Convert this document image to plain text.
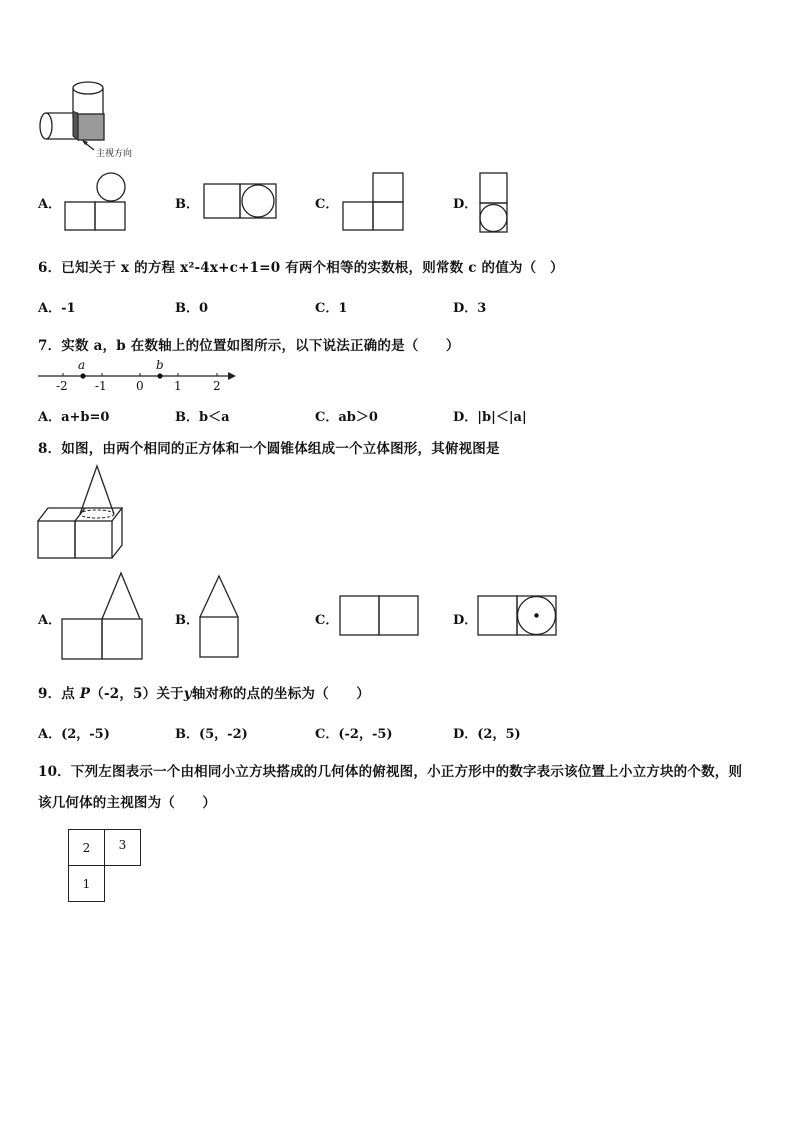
主视方向
A．	B．	C．	D．
6．已知关于 x 的方程 x²-4x+c+1=0 有两个相等的实数根，则常数 c 的值为（　）
A．-1	B．0	C．1	D．3
7．实数 a，b 在数轴上的位置如图所示，以下说法正确的是（　　）
a	b
-2 -1 0	1	2
A．a+b=0	B．b＜a	C．ab＞0	D．|b|＜|a|
8．如图，由两个相同的正方体和一个圆锥体组成一个立体图形，其俯视图是
A．	B．	C．	D．
9．点 P（-2，5）关于y轴对称的点的坐标为（　　）
A．(2，-5)	B．(5，-2)	C．(-2，-5)	D．(2，5)
10．下列左图表示一个由相同小立方块搭成的几何体的俯视图，小正方形中的数字表示该位置上小立方块的个数，则
该几何体的主视图为（　　）
2	3
1
